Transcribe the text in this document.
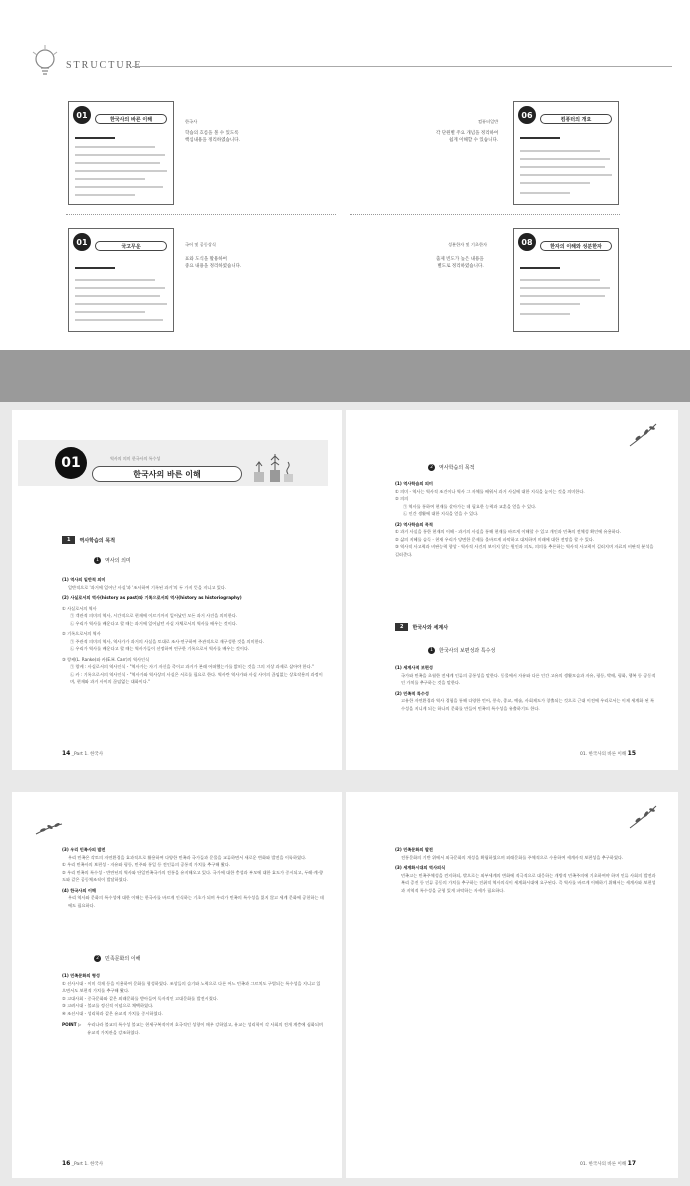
STRUCTURE
한국사	컴퓨터일반
국어 및 공동상식	성분한자 및 기초한자
01	한국사의 바른 이해
학습의 흐름을 볼 수 있도록
핵심내용을 정리하였습니다.
06	컴퓨터의 개요
각 단원별 주요 개념을 정리하여
쉽게 이해할 수 있습니다.
01	국고무운
표와 도식을 활용하여
중요 내용을 정리하였습니다.
08	한자의 이해와 성분한자
출제 빈도가 높은 내용을
별도로 정리하였습니다.
01	역사의 의미 한국사의 특수성
한국사의 바른 이해
1	역사학습의 목적
1	역사의 의미
(1) 역사의 일반적 의미
일반적으로 '과거에 일어난 사실'과 '조사하여 기록된 과거'의 두 가지 뜻을 지니고 있다.
(2) 사실로서의 역사(history as past)와 기록으로서의 역사(history as historiography)
① 사실로서의 역사
㉠ 객관적 의미의 역사, 시간적으로 현재에 이르기까지 일어났던 모든 과거 사건을 의미한다.
㉡ 우리가 역사를 배운다고 할 때는 과거에 일어났던 사실 자체로서의 역사를 배우는 것이다.
② 기록으로서의 역사
㉠ 주관적 의미의 역사, 역사가가 과거의 사실을 토대로 조사·연구하여 주관적으로 재구성한 것을 의미한다.
㉡ 우리가 역사를 배운다고 할 때는 역사가들이 선정하여 연구한 기록으로서 역사를 배우는 것이다.
③ 랑케(L. Ranke)와 카(E.H. Carr)의 역사인식
㉠ 랑케 : 사실로서의 역사인식 - "역사가는 자기 자신을 죽이고 과거가 본래 어떠했는가를 밝히는 것을 그의 지상 과제로 삼아야 한다."
㉡ 카 : 기록으로서의 역사인식 - "역사가와 역사상의 사실은 서로를 필요로 한다. 역사란 역사가와 사실 사이의 끊임없는 상호작용의 과정이며, 현재와 과거 사이의 끊임없는 대화이다."
14 _Part 1. 한국사
2	역사학습의 목적
(1) 역사학습의 의미
① 의미 - 역사는 역사적 조건이나 역사 그 자체를 배워서 과거 사실에 대한 지식을 높이는 것을 의미한다.
② 의의
㉠ 역사를 통하여 현재를 살아가는 데 필요한 능력과 교훈을 얻을 수 있다.
㉡ 인간 생활에 대한 지식을 얻을 수 있다.
(2) 역사학습의 목적
① 과거 사실을 통한 현재의 이해 - 과거의 사실을 통해 현재를 바르게 이해할 수 있고 개인과 민족의 전체성 확인에 유용하다.
② 삶의 지혜를 습득 - 현재 우리가 당면한 문제를 올바르게 파악하고 대처하며 미래에 대한 전망을 할 수 있다.
③ 역사적 사고력과 비판능력 향상 - 역사적 사건의 보이지 않는 원인과 의도, 의의를 추론하는 역사적 사고력이 길러지며 자료의 비판적 분석을 길러준다.
2	한국사와 세계사
1	한국사의 보편성과 특수성
(1) 세계사적 보편성
국가와 민족을 초월한 전세계 인류의 공통성을 말한다. 동물에서 자유와 다른 인간 고유의 생활모습과 자유, 평등, 박애, 평화, 행복 등 공동적인 가치를 추구하는 것을 말한다.
(2) 민족적 특수성
고유한 자연환경과 역사 경험을 통해 다양한 언어, 풍속, 종교, 예술, 사회제도가 창출되는 것으로 근대 이전에 우리로서는 이제 세계화 된 특수성을 지니게 되는 하나의 문화를 만들어 민족의 특수성을 유출하기도 한다.
01. 한국사의 바른 이해 15
(3) 우리 민족사의 발전
우리 민족은 각토의 자연환경을 효과적으로 활용하여 다양한 민족과 국가들과 문물을 교류하면서 새로운 변화와 발전을 이룩하였다.
① 우리 민족사의 보편성 - 자유와 평등, 민주와 통일 등 전인류의 공통적 가치를 추구해 왔다.
② 우리 민족의 특수성 - 반만년의 역사와 단일민족국가의 전통을 유지해오고 있다. 국가에 대한 충성과 부모에 대한 효도가 중시되고, 두레·계·향도와 같은 공동체조직이 발달하였다.
(4) 한국사의 이해
우리 역사와 문화의 특수성에 대한 이해는 한국사를 바르게 인식하는 기초가 되며 우리가 민족의 특수성을 잃지 않고 세계 문화에 공헌하는 데에도 필요하다.
2	민족문화의 이해
(1) 민족문화의 형성
① 선사시대 - 이미 석재 등을 이용하여 문화를 형성하였다. 조상들의 슬기와 노력으로 다른 어느 민족과 그르치도 구별되는 특수성을 지니고 있으면서도 보편적 가치를 추구해 왔다.
② 고대사회 - 중국문화와 같은 외래문화를 받아들여 독자적인 고대문화를 발전시켰다.
③ 고려시대 - 불교를 정신적 이념으로 채택하였다.
④ 조선시대 - 성리학과 같은 유교적 가치를 중시하였다.
POINT ▷ 우리나라 불교의 특수성 불교는 현세구복적이며 호국적인 성향이 매우 강하였고, 유교는 성리학이 각 사회의 전개 계층에 심화되며 유교적 가치관을 강조하였다.
16 _Part 1. 한국사
(2) 민족문화의 발전
전통문화의 기반 위에서 외국문화의 개성을 확립하였으며 외래문화를 주체적으로 수용하여 세계사적 보편성을 추구하였다.
(3) 세계화시대의 역사의식
민족고는 민족주체성을 견지하되, 밖으로는 외부세계의 변화에 적극적으로 대응하는 개방적 민족주의에 기초하여야 하며 인류 사회의 발전과 복리 증진 등 인류 공동의 가치를 추구하는 진취적 역사의식이 세계화시대에 요구된다. 즉 역사를 바르게 이해하기 위해서는 세계사와 보편성과 지역적 특수성을 균형 있게 파악하는 자세가 필요하다.
01. 한국사의 바른 이해 17
